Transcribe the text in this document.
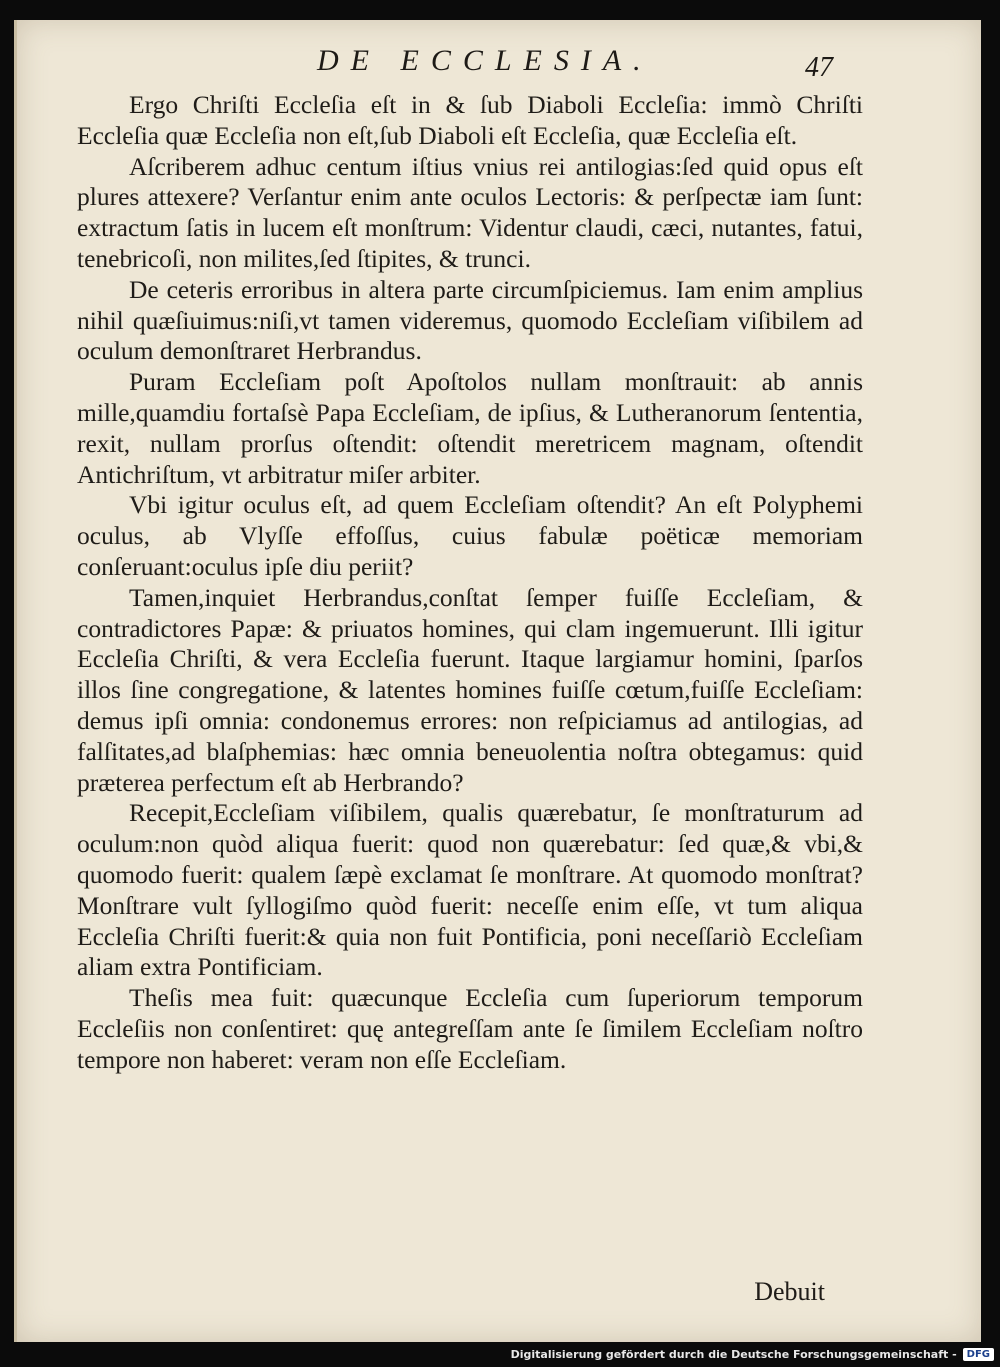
DE ECCLESIA.	47

Ergo Chriſti Eccleſia eſt in & ſub Diaboli Eccleſia: immò Chriſti Eccleſia quæ Eccleſia non eſt,ſub Diaboli eſt Eccleſia, quæ Eccleſia eſt.

Aſcriberem adhuc centum iſtius vnius rei antilogias:ſed quid opus eſt plures attexere? Verſantur enim ante oculos Lectoris: & perſpectæ iam ſunt: extractum ſatis in lucem eſt monſtrum: Videntur claudi, cæci, nutantes, fatui, tenebricoſi, non milites,ſed ſtipites, & trunci.

De ceteris erroribus in altera parte circumſpiciemus. Iam enim amplius nihil quæſiuimus:niſi,vt tamen videremus, quomodo Eccleſiam viſibilem ad oculum demonſtraret Herbrandus.

Puram Eccleſiam poſt Apoſtolos nullam monſtrauit: ab annis mille,quamdiu fortaſsè Papa Eccleſiam, de ipſius, & Lutheranorum ſententia, rexit, nullam prorſus oſtendit: oſtendit meretricem magnam, oſtendit Antichriſtum, vt arbitratur miſer arbiter.

Vbi igitur oculus eſt, ad quem Eccleſiam oſtendit? An eſt Polyphemi oculus, ab Vlyſſe effoſſus, cuius fabulæ poëticæ memoriam conſeruant:oculus ipſe diu periit?

Tamen,inquiet Herbrandus,conſtat ſemper fuiſſe Eccleſiam, & contradictores Papæ: & priuatos homines, qui clam ingemuerunt. Illi igitur Eccleſia Chriſti, & vera Eccleſia fuerunt. Itaque largiamur homini, ſparſos illos ſine congregatione, & latentes homines fuiſſe cœtum,fuiſſe Eccleſiam: demus ipſi omnia: condonemus errores: non reſpiciamus ad antilogias, ad falſitates,ad blaſphemias: hæc omnia beneuolentia noſtra obtegamus: quid præterea perfectum eſt ab Herbrando?

Recepit,Eccleſiam viſibilem, qualis quærebatur, ſe monſtraturum ad oculum:non quòd aliqua fuerit: quod non quærebatur: ſed quæ,& vbi,& quomodo fuerit: qualem ſæpè exclamat ſe monſtrare. At quomodo monſtrat?Monſtrare vult ſyllogiſmo quòd fuerit: neceſſe enim eſſe, vt tum aliqua Eccleſia Chriſti fuerit:& quia non fuit Pontificia, poni neceſſariò Eccleſiam aliam extra Pontificiam.

Theſis mea fuit: quæcunque Eccleſia cum ſuperiorum temporum Eccleſiis non conſentiret: quę antegreſſam ante ſe ſimilem Eccleſiam noſtro tempore non haberet: veram non eſſe Eccleſiam.

Debuit
Digitalisierung gefördert durch die Deutsche Forschungsgemeinschaft -	DFG
